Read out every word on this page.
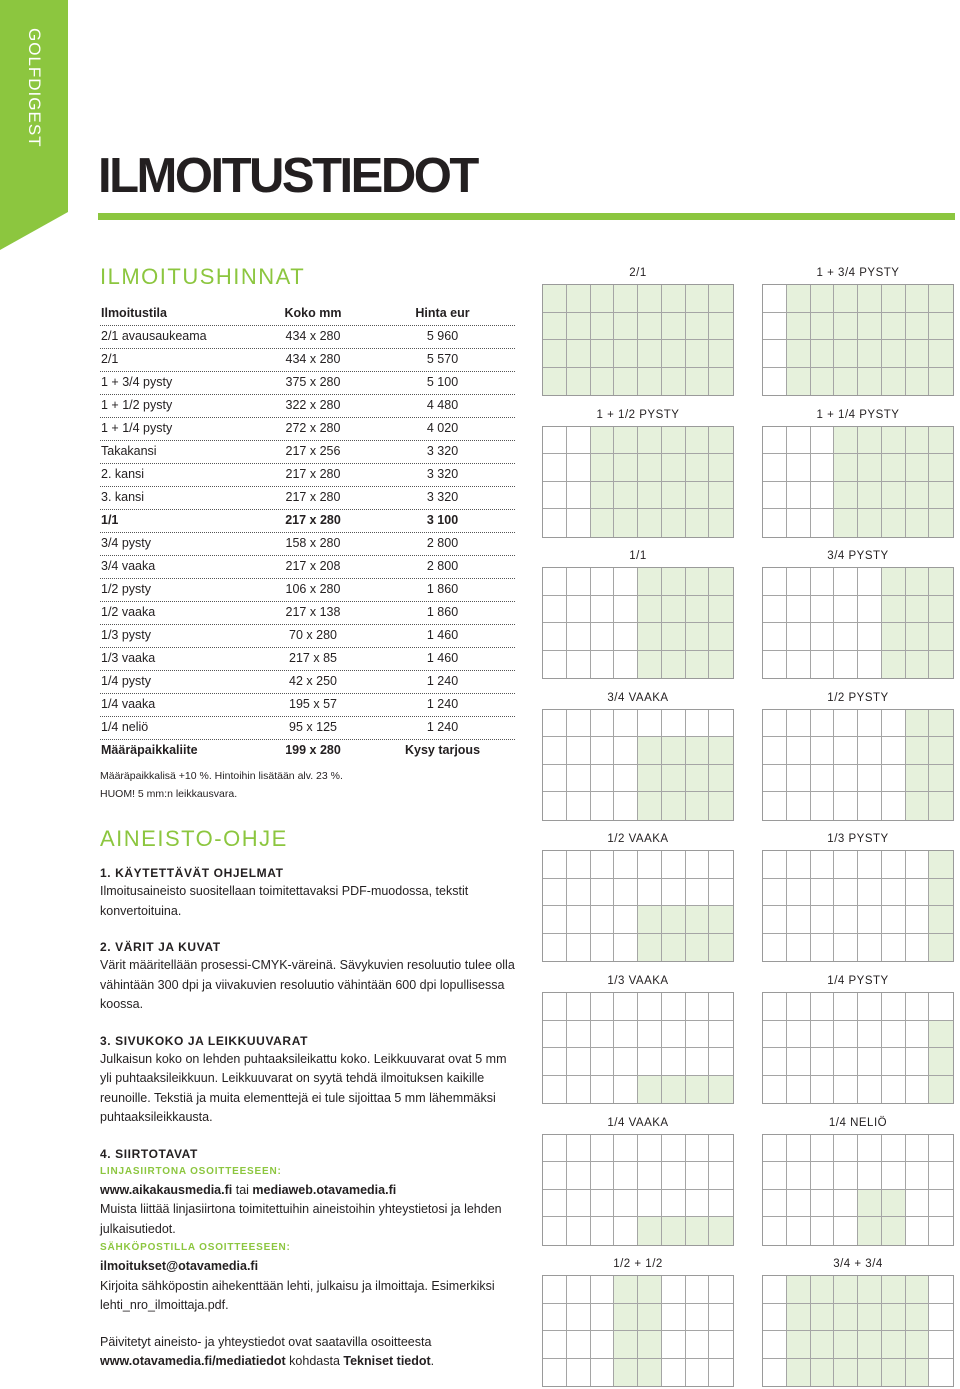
GOLFDIGEST
ILMOITUSTIEDOT
ILMOITUSHINNAT
Ilmoitustila	Koko mm	Hinta eur
2/1 avausaukeama	434 x 280	5 960
2/1	434 x 280	5 570
1 + 3/4 pysty	375 x 280	5 100
1 + 1/2 pysty	322 x 280	4 480
1 + 1/4 pysty	272 x 280	4 020
Takakansi	217 x 256	3 320
2. kansi	217 x 280	3 320
3. kansi	217 x 280	3 320
1/1	217 x 280	3 100
3/4 pysty	158 x 280	2 800
3/4 vaaka	217 x 208	2 800
1/2 pysty	106 x 280	1 860
1/2 vaaka	217 x 138	1 860
1/3 pysty	70 x 280	1 460
1/3 vaaka	217 x 85	1 460
1/4 pysty	42 x 250	1 240
1/4 vaaka	195 x 57	1 240
1/4 neliö	95 x 125	1 240
Määräpaikkaliite	199 x 280	Kysy tarjous
Määräpaikkalisä +10 %. Hintoihin lisätään alv. 23 %.
HUOM! 5 mm:n leikkausvara.
AINEISTO-OHJE
1. KÄYTETTÄVÄT OHJELMAT

Ilmoitusaineisto suositellaan toimitettavaksi PDF-muodossa, tekstit konvertoituina.

2. VÄRIT JA KUVAT

Värit määritellään prosessi-CMYK-väreinä. Sävykuvien resoluutio tulee olla vähintään 300 dpi ja viivakuvien resoluutio vähintään 600 dpi lopullisessa koossa.

3. SIVUKOKO JA LEIKKUUVARAT

Julkaisun koko on lehden puhtaaksileikattu koko. Leikkuuvarat ovat 5 mm yli puhtaaksileikkuun. Leikkuuvarat on syytä tehdä ilmoituksen kaikille reunoille. Tekstiä ja muita elementtejä ei tule sijoittaa 5 mm lähemmäksi puhtaaksileikkausta.

4. SIIRTOTAVAT
LINJASIIRTONA OSOITTEESEEN:

www.aikakausmedia.fi tai mediaweb.otavamedia.fi

Muista liittää linjasiirtona toimitettuihin aineistoihin yhteystietosi ja lehden julkaisutiedot.

SÄHKÖPOSTILLA OSOITTEESEEN:

ilmoitukset@otavamedia.fi

Kirjoita sähköpostin aihekenttään lehti, julkaisu ja ilmoittaja. Esimerkiksi lehti_nro_ilmoittaja.pdf.

Päivitetyt aineisto- ja yhteystiedot ovat saatavilla osoitteesta

www.otavamedia.fi/mediatiedot kohdasta Tekniset tiedot.

2/1	1 + 3/4 PYSTY
1 + 1/2 PYSTY	1 + 1/4 PYSTY
1/1	3/4 PYSTY
3/4 VAAKA	1/2 PYSTY
1/2 VAAKA	1/3 PYSTY
1/3 VAAKA	1/4 PYSTY
1/4 VAAKA	1/4 NELIÖ
1/2 + 1/2	3/4 + 3/4
